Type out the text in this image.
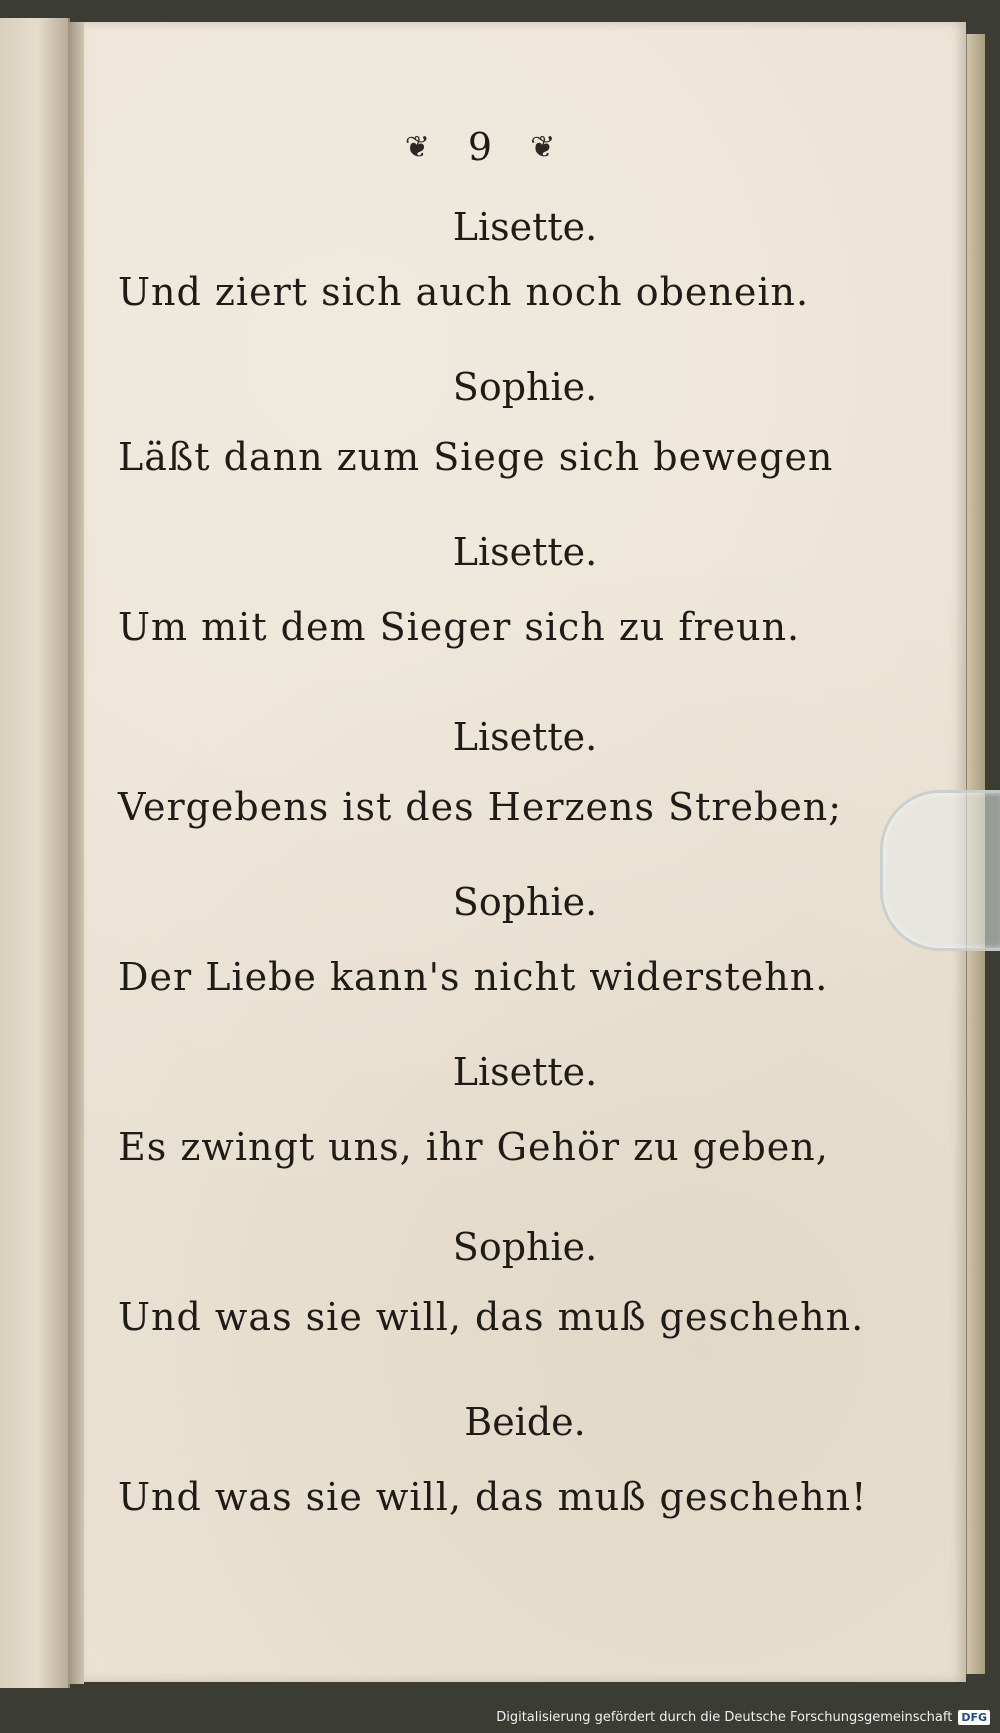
❦ 9 ❦

Lisette.

Und ziert sich auch noch obenein.

Sophie.

Läßt dann zum Siege sich bewegen

Lisette.

Um mit dem Sieger sich zu freun.

Lisette.

Vergebens ist des Herzens Streben;

Sophie.

Der Liebe kann's nicht widerstehn.

Lisette.

Es zwingt uns, ihr Gehör zu geben,

Sophie.

Und was sie will, das muß geschehn.

Beide.

Und was sie will, das muß geschehn!

Digitalisierung gefördert durch die Deutsche Forschungsgemeinschaft DFG
